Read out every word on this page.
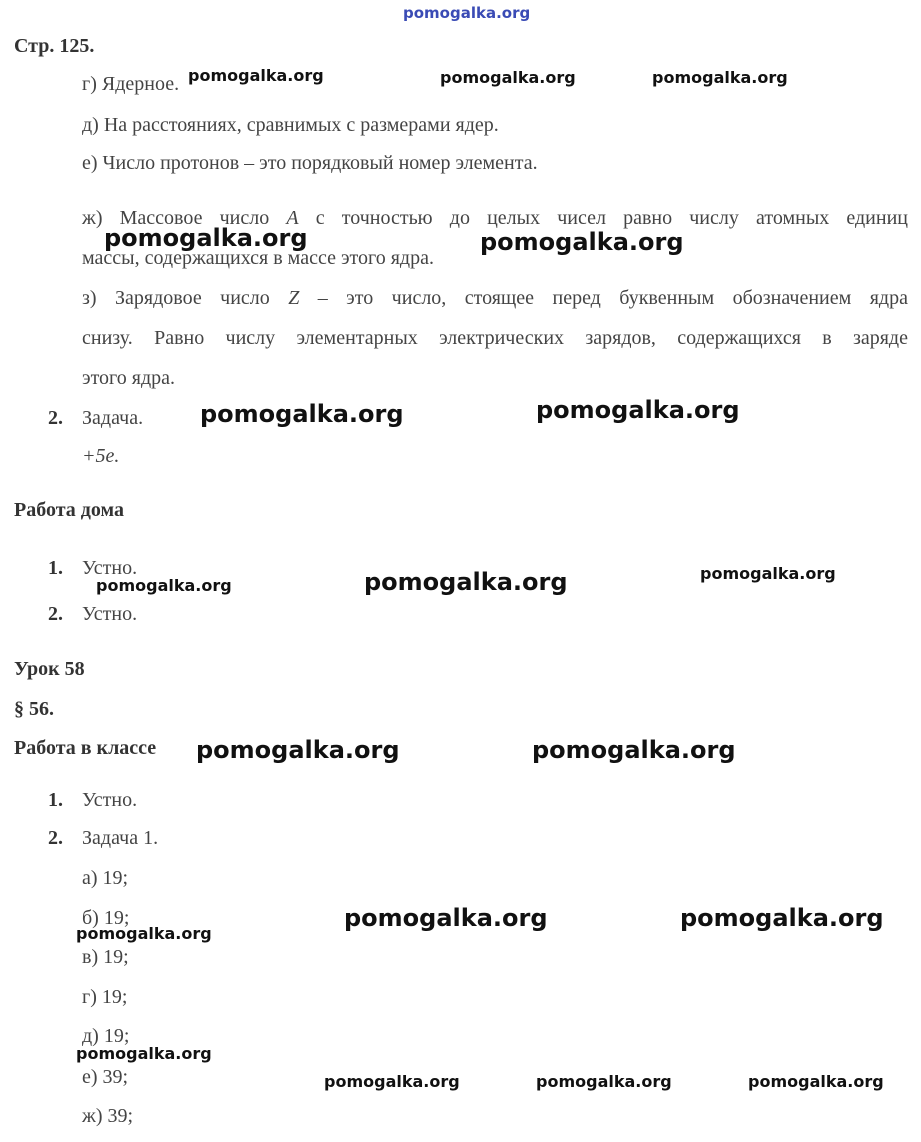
pomogalka.org
Стр. 125.
г) Ядерное.
д) На расстояниях, сравнимых с размерами ядер.
е) Число протонов – это порядковый номер элемента.
ж) Массовое число A с точностью до целых чисел равно числу атомных единиц
массы, содержащихся в массе этого ядра.
з) Зарядовое число Z – это число, стоящее перед буквенным обозначением ядра
снизу. Равно числу элементарных электрических зарядов, содержащихся в заряде
этого ядра.
2. Задача.
+5e.
Работа дома
1. Устно.
2. Устно.
Урок 58
§ 56.
Работа в классе
1. Устно.
2. Задача 1.
а) 19;
б) 19;
в) 19;
г) 19;
д) 19;
е) 39;
ж) 39;
pomogalka.org	pomogalka.org	pomogalka.org
pomogalka.org	pomogalka.org
pomogalka.org	pomogalka.org
pomogalka.org	pomogalka.org	pomogalka.org
pomogalka.org	pomogalka.org
pomogalka.org	pomogalka.org
pomogalka.org
pomogalka.org
pomogalka.org	pomogalka.org	pomogalka.org
